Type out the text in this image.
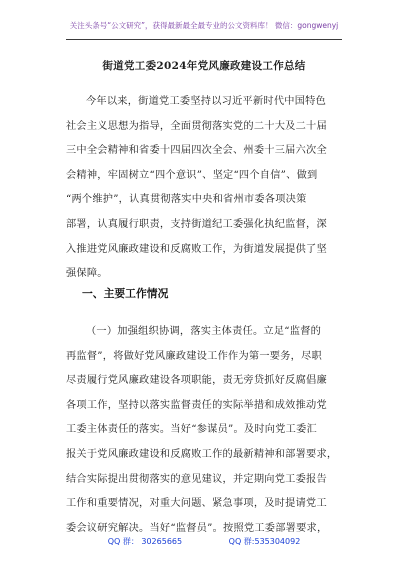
关注头条号“公文研究”，获得最新最全最专业的公文资料库！ 微信：gongwenyj
街道党工委2024年党风廉政建设工作总结
今年以来，街道党工委坚持以习近平新时代中国特色
社会主义思想为指导，全面贯彻落实党的二十大及二十届
三中全会精神和省委十四届四次全会、州委十三届六次全
会精神，牢固树立“四个意识”、坚定“四个自信”、做到
“两个维护”，认真贯彻落实中央和省州市委各项决策
部署，认真履行职责，支持街道纪工委强化执纪监督，深
入推进党风廉政建设和反腐败工作，为街道发展提供了坚
强保障。
一、主要工作情况
（一）加强组织协调，落实主体责任。立足“监督的
再监督”，将做好党风廉政建设工作作为第一要务，尽职
尽责履行党风廉政建设各项职能，责无旁贷抓好反腐倡廉
各项工作，坚持以落实监督责任的实际举措和成效推动党
工委主体责任的落实。当好“参谋员”。及时向党工委汇
报关于党风廉政建设和反腐败工作的最新精神和部署要求，
结合实际提出贯彻落实的意见建议，并定期向党工委报告
工作和重要情况，对重大问题、紧急事项，及时提请党工
委会议研究解决。当好“监督员”。按照党工委部署要求，
QQ 群： 30265665	QQ 群:535304092
